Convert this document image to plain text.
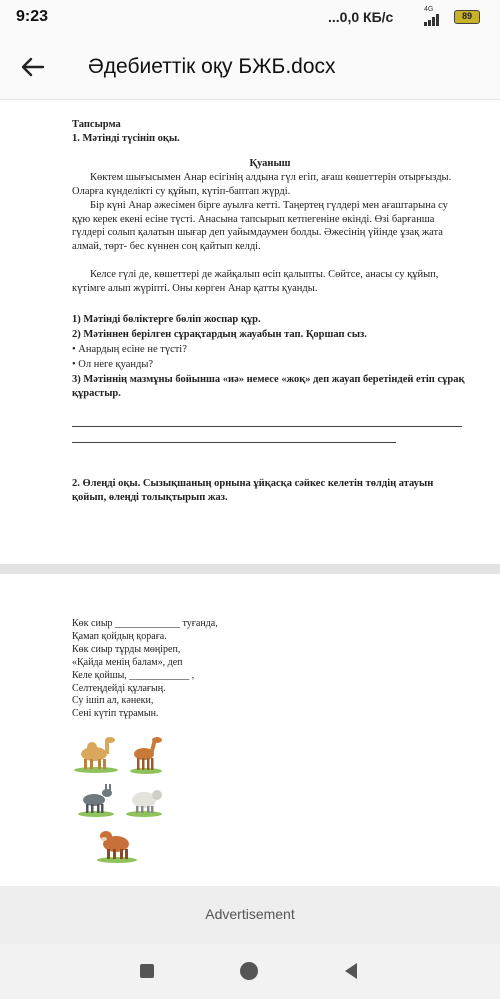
9:23	...0,0 КБ/с	4G
89
Әдебиеттік оқу БЖБ.docx
Тапсырма
1. Мәтінді түсініп оқы.
Қуаныш
Көктем шығысымен Анар есігінің алдына гүл егіп, ағаш көшеттерін отырғызды. Оларға күнделікті су құйып, күтіп-баптап жүрді.
Бір күні Анар әжесімен бірге ауылға кетті. Таңертең гүлдері мен ағаштарына су құю керек екені есіне түсті. Анасына тапсырып кетпегеніне өкінді. Өзі барғанша гүлдері солып қалатын шығар деп уайымдаумен болды. Әжесінің үйінде ұзақ жата алмай, төрт- бес күннен соң қайтып келді.
Келсе гүлі де, көшеттері де жайқалып өсіп қалыпты. Сөйтсе, анасы су құйып, күтімге алып жүріпті. Оны көрген Анар қатты қуанды.
1) Мәтінді бөліктерге бөліп жоспар құр.
2) Мәтіннен берілген сұрақтардың жауабын тап. Қоршап сыз.
• Анардың есіне не түсті?
• Ол неге қуанды?
3) Мәтіннің мазмұны бойынша «иә» немесе «жоқ» деп жауап беретіндей етіп сұрақ құрастыр.
2. Өлеңді оқы. Сызықшаның орнына ұйқасқа сәйкес келетін төлдің атауын қойып, өлеңді толықтырып жаз.
Көк сиыр _____________ туғанда,
Қамап қойдың қораға.
Көк сиыр тұрды мөңіреп,
«Қайда менің балам», деп
Келе қойшы, ____________ ,
Селтеңдейді құлағың.
Су ішіп ал, кәнеки,
Сені күтіп тұрамын.
Advertisement
